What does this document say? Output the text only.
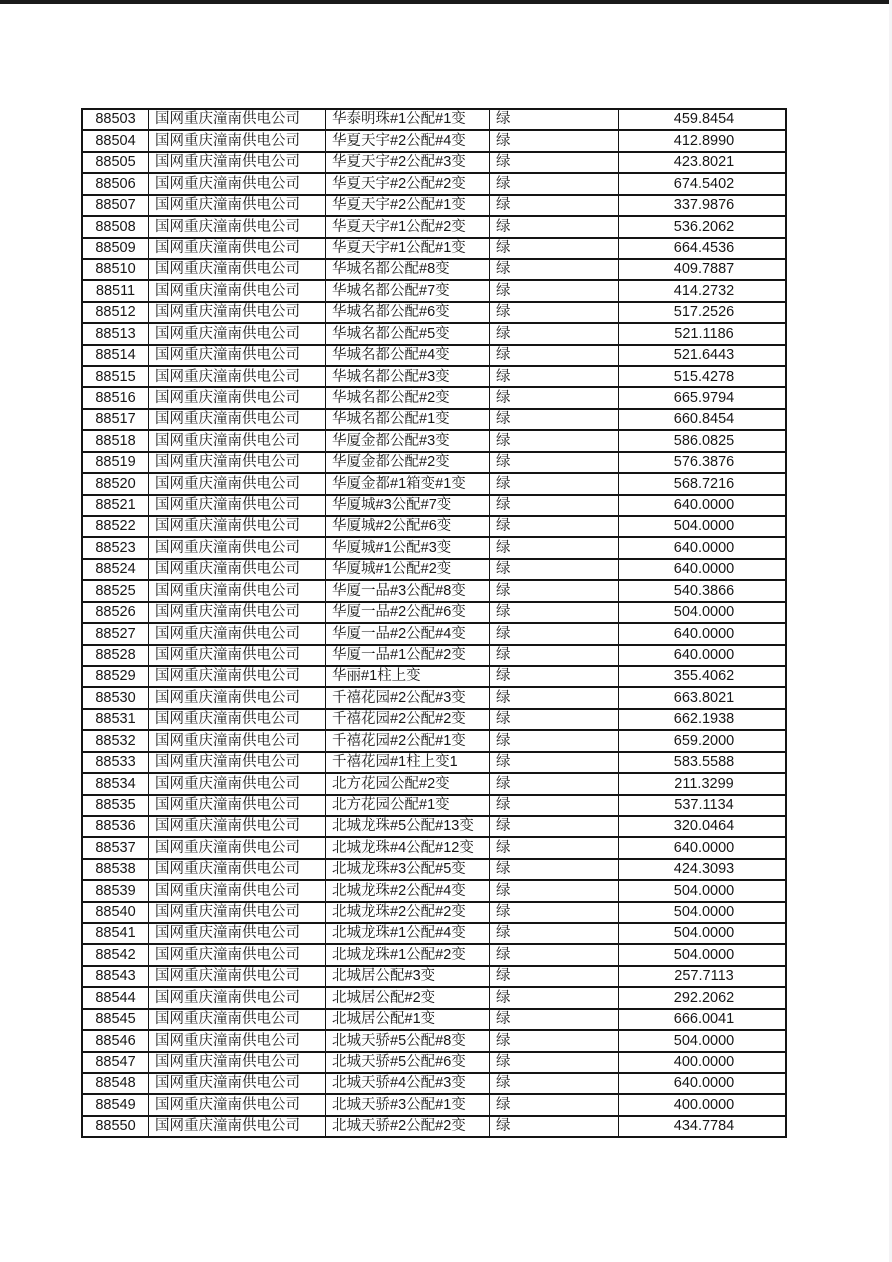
88503	国网重庆潼南供电公司	华泰明珠#1公配#1变	绿	459.8454
88504	国网重庆潼南供电公司	华夏天宇#2公配#4变	绿	412.8990
88505	国网重庆潼南供电公司	华夏天宇#2公配#3变	绿	423.8021
88506	国网重庆潼南供电公司	华夏天宇#2公配#2变	绿	674.5402
88507	国网重庆潼南供电公司	华夏天宇#2公配#1变	绿	337.9876
88508	国网重庆潼南供电公司	华夏天宇#1公配#2变	绿	536.2062
88509	国网重庆潼南供电公司	华夏天宇#1公配#1变	绿	664.4536
88510	国网重庆潼南供电公司	华城名都公配#8变	绿	409.7887
88511	国网重庆潼南供电公司	华城名都公配#7变	绿	414.2732
88512	国网重庆潼南供电公司	华城名都公配#6变	绿	517.2526
88513	国网重庆潼南供电公司	华城名都公配#5变	绿	521.1186
88514	国网重庆潼南供电公司	华城名都公配#4变	绿	521.6443
88515	国网重庆潼南供电公司	华城名都公配#3变	绿	515.4278
88516	国网重庆潼南供电公司	华城名都公配#2变	绿	665.9794
88517	国网重庆潼南供电公司	华城名都公配#1变	绿	660.8454
88518	国网重庆潼南供电公司	华厦金都公配#3变	绿	586.0825
88519	国网重庆潼南供电公司	华厦金都公配#2变	绿	576.3876
88520	国网重庆潼南供电公司	华厦金都#1箱变#1变	绿	568.7216
88521	国网重庆潼南供电公司	华厦城#3公配#7变	绿	640.0000
88522	国网重庆潼南供电公司	华厦城#2公配#6变	绿	504.0000
88523	国网重庆潼南供电公司	华厦城#1公配#3变	绿	640.0000
88524	国网重庆潼南供电公司	华厦城#1公配#2变	绿	640.0000
88525	国网重庆潼南供电公司	华厦一品#3公配#8变	绿	540.3866
88526	国网重庆潼南供电公司	华厦一品#2公配#6变	绿	504.0000
88527	国网重庆潼南供电公司	华厦一品#2公配#4变	绿	640.0000
88528	国网重庆潼南供电公司	华厦一品#1公配#2变	绿	640.0000
88529	国网重庆潼南供电公司	华丽#1柱上变	绿	355.4062
88530	国网重庆潼南供电公司	千禧花园#2公配#3变	绿	663.8021
88531	国网重庆潼南供电公司	千禧花园#2公配#2变	绿	662.1938
88532	国网重庆潼南供电公司	千禧花园#2公配#1变	绿	659.2000
88533	国网重庆潼南供电公司	千禧花园#1柱上变1	绿	583.5588
88534	国网重庆潼南供电公司	北方花园公配#2变	绿	211.3299
88535	国网重庆潼南供电公司	北方花园公配#1变	绿	537.1134
88536	国网重庆潼南供电公司	北城龙珠#5公配#13变	绿	320.0464
88537	国网重庆潼南供电公司	北城龙珠#4公配#12变	绿	640.0000
88538	国网重庆潼南供电公司	北城龙珠#3公配#5变	绿	424.3093
88539	国网重庆潼南供电公司	北城龙珠#2公配#4变	绿	504.0000
88540	国网重庆潼南供电公司	北城龙珠#2公配#2变	绿	504.0000
88541	国网重庆潼南供电公司	北城龙珠#1公配#4变	绿	504.0000
88542	国网重庆潼南供电公司	北城龙珠#1公配#2变	绿	504.0000
88543	国网重庆潼南供电公司	北城居公配#3变	绿	257.7113
88544	国网重庆潼南供电公司	北城居公配#2变	绿	292.2062
88545	国网重庆潼南供电公司	北城居公配#1变	绿	666.0041
88546	国网重庆潼南供电公司	北城天骄#5公配#8变	绿	504.0000
88547	国网重庆潼南供电公司	北城天骄#5公配#6变	绿	400.0000
88548	国网重庆潼南供电公司	北城天骄#4公配#3变	绿	640.0000
88549	国网重庆潼南供电公司	北城天骄#3公配#1变	绿	400.0000
88550	国网重庆潼南供电公司	北城天骄#2公配#2变	绿	434.7784
